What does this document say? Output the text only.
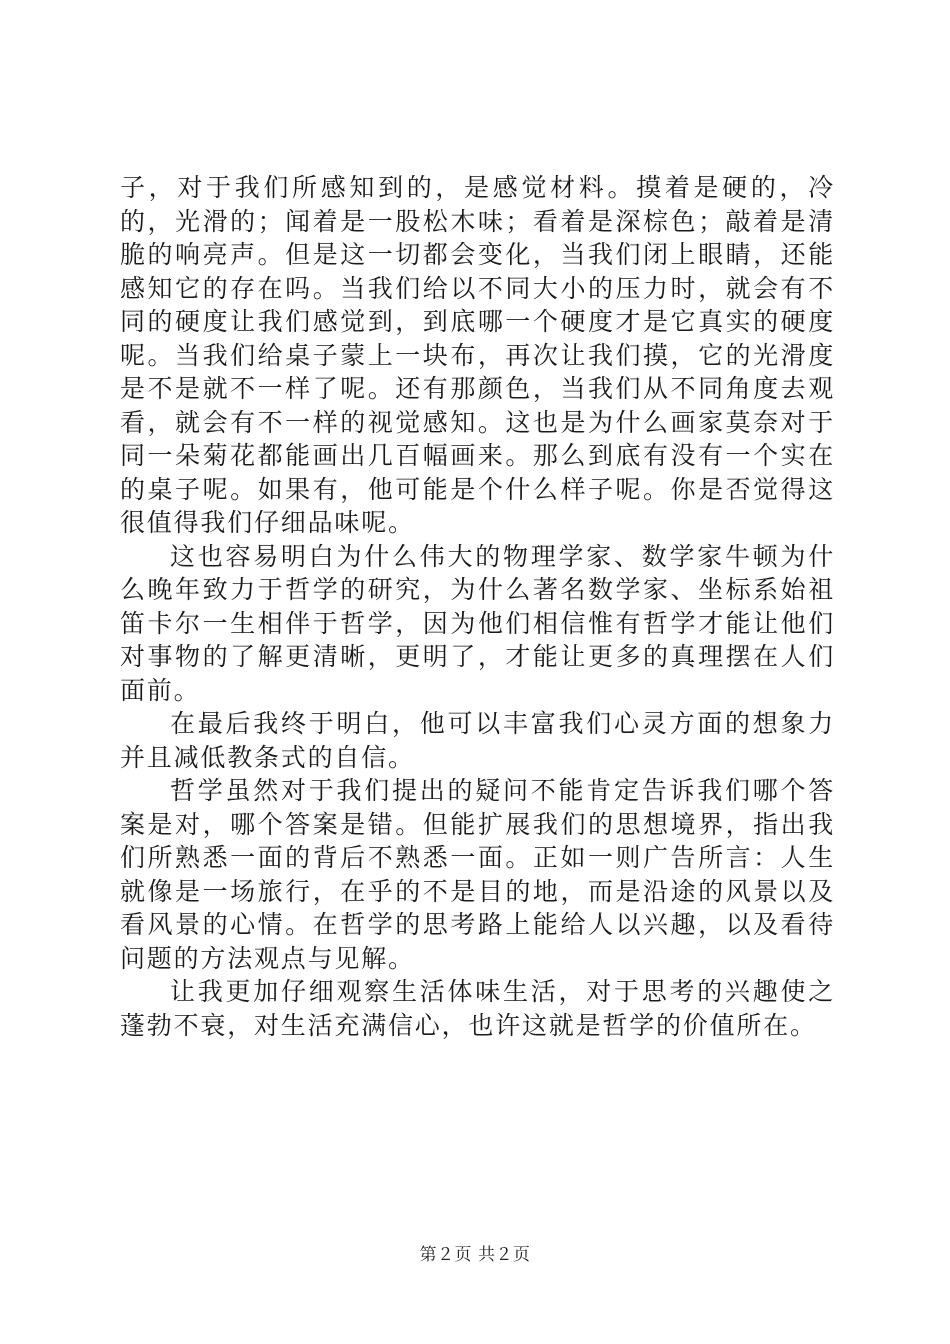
子，对于我们所感知到的，是感觉材料。摸着是硬的，冷的，光滑的；闻着是一股松木味；看着是深棕色；敲着是清脆的响亮声。但是这一切都会变化，当我们闭上眼睛，还能感知它的存在吗。当我们给以不同大小的压力时，就会有不同的硬度让我们感觉到，到底哪一个硬度才是它真实的硬度呢。当我们给桌子蒙上一块布，再次让我们摸，它的光滑度是不是就不一样了呢。还有那颜色，当我们从不同角度去观看，就会有不一样的视觉感知。这也是为什么画家莫奈对于同一朵菊花都能画出几百幅画来。那么到底有没有一个实在的桌子呢。如果有，他可能是个什么样子呢。你是否觉得这很值得我们仔细品味呢。

这也容易明白为什么伟大的物理学家、数学家牛顿为什么晚年致力于哲学的研究，为什么著名数学家、坐标系始祖笛卡尔一生相伴于哲学，因为他们相信惟有哲学才能让他们对事物的了解更清晰，更明了，才能让更多的真理摆在人们面前。

在最后我终于明白，他可以丰富我们心灵方面的想象力并且减低教条式的自信。

哲学虽然对于我们提出的疑问不能肯定告诉我们哪个答案是对，哪个答案是错。但能扩展我们的思想境界，指出我们所熟悉一面的背后不熟悉一面。正如一则广告所言：人生就像是一场旅行，在乎的不是目的地，而是沿途的风景以及看风景的心情。在哲学的思考路上能给人以兴趣，以及看待问题的方法观点与见解。

让我更加仔细观察生活体味生活，对于思考的兴趣使之蓬勃不衰，对生活充满信心，也许这就是哲学的价值所在。

第２页 共２页
